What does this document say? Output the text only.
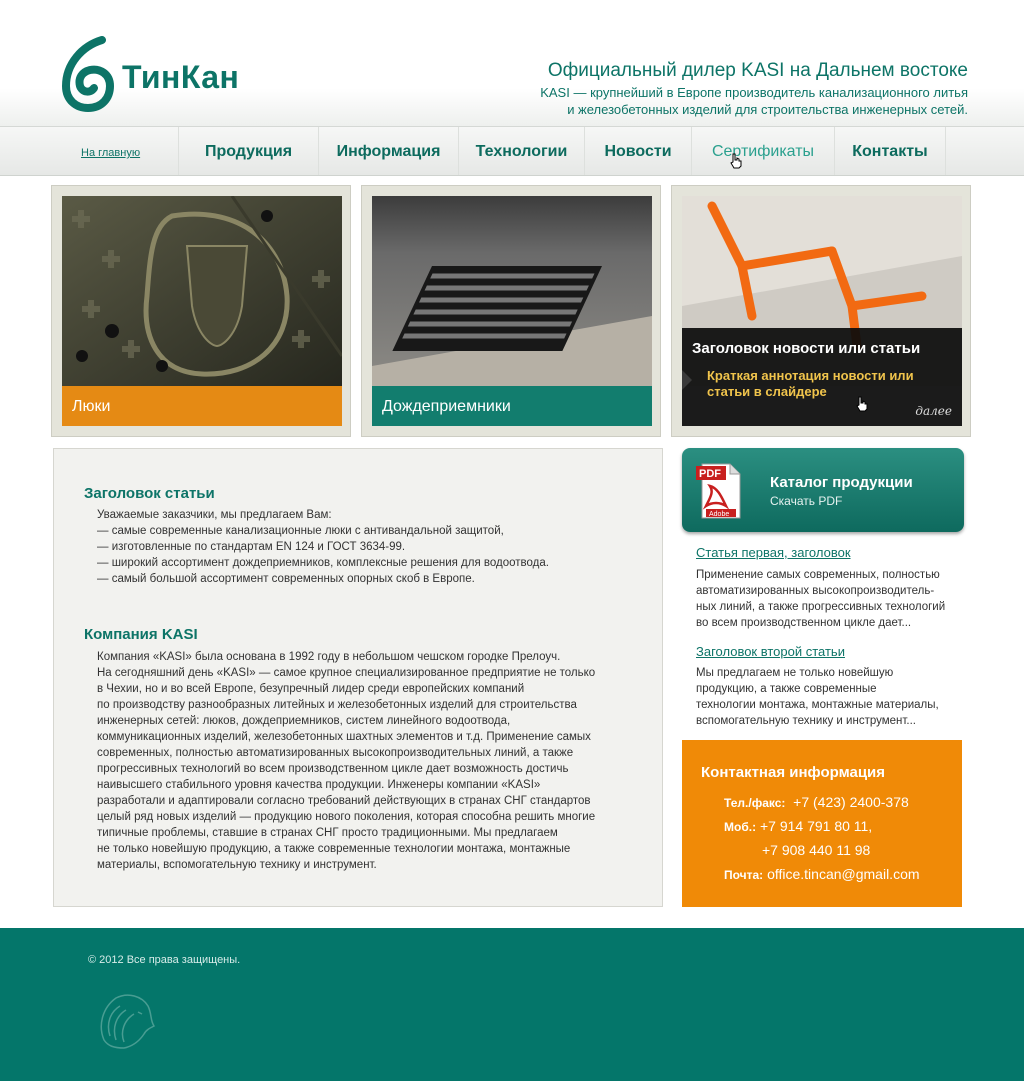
ТинКан	Официальный дилер KASI на Дальнем востоке
KASI — крупнейший в Европе производитель канализационного литья
и железобетонных изделий для строительства инженерных сетей.
На главную	Продукция	Информация	Технологии	Новости	Сертификаты	Контакты
Люки	Дождеприемники
Заголовок новости или статьи
Краткая аннотация новости или статьи в слайдере
далее
Заголовок статьи
Уважаемые заказчики, мы предлагаем Вам:
— самые современные канализационные люки с антивандальной защитой,
— изготовленные по стандартам EN 124 и ГОСТ 3634-99.
— широкий ассортимент дождеприемников, комплексные решения для водоотвода.
— самый большой ассортимент современных опорных скоб в Европе.
Компания KASI
Компания «KASI» была основана в 1992 году в небольшом чешском городке Прелоуч.
На сегодняшний день «KASI» — самое крупное специализированное предприятие не только
в Чехии, но и во всей Европе, безупречный лидер среди европейских компаний
по производству разнообразных литейных и железобетонных изделий для строительства
инженерных сетей: люков, дождеприемников, систем линейного водоотвода,
коммуникационных изделий, железобетонных шахтных элементов и т.д. Применение самых
современных, полностью автоматизированных высокопроизводительных линий, а также
прогрессивных технологий во всем производственном цикле дает возможность достичь
наивысшего стабильного уровня качества продукции. Инженеры компании «KASI»
разработали и адаптировали согласно требований действующих в странах СНГ стандартов
целый ряд новых изделий — продукцию нового поколения, которая способна решить многие
типичные проблемы, ставшие в странах СНГ просто традиционными. Мы предлагаем
не только новейшую продукцию, а также современные технологии монтажа, монтажные
материалы, вспомогательную технику и инструмент.
PDF
Adobe
Каталог продукции
Скачать PDF
Статья первая, заголовок
Применение самых современных, полностью
автоматизированных высокопроизводитель-
ных линий, а также прогрессивных технологий
во всем производственном цикле дает...
Заголовок второй статьи
Мы предлагаем не только новейшую
продукцию, а также современные
технологии монтажа, монтажные материалы,
вспомогательную технику и инструмент...
Контактная информация
Тел./факс: +7 (423) 2400-378
Моб.: +7 914 791 80 11,
+7 908 440 11 98
Почта: office.tincan@gmail.com
© 2012 Все права защищены.
